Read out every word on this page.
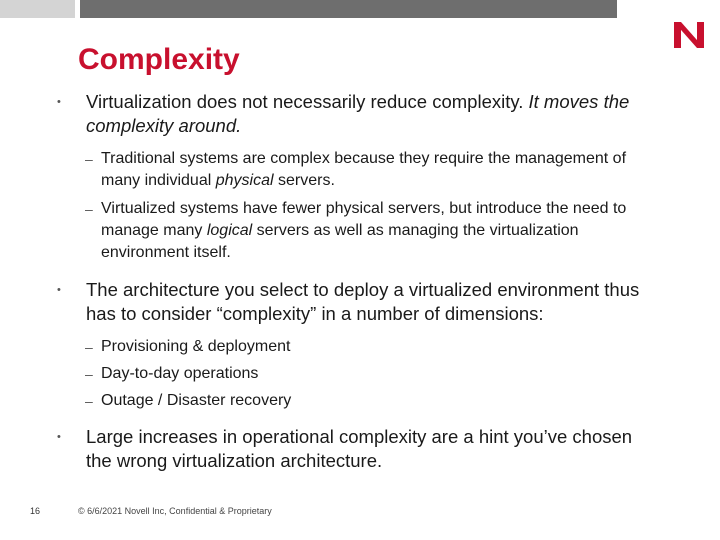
Complexity
• Virtualization does not necessarily reduce complexity. It moves the complexity around.
– Traditional systems are complex because they require the management of many individual physical servers.
– Virtualized systems have fewer physical servers, but introduce the need to manage many logical servers as well as managing the virtualization environment itself.
• The architecture you select to deploy a virtualized environment thus has to consider “complexity” in a number of dimensions:
– Provisioning & deployment
– Day-to-day operations
– Outage / Disaster recovery
• Large increases in operational complexity are a hint you’ve chosen the wrong virtualization architecture.
16	© 6/6/2021 Novell Inc, Confidential & Proprietary
